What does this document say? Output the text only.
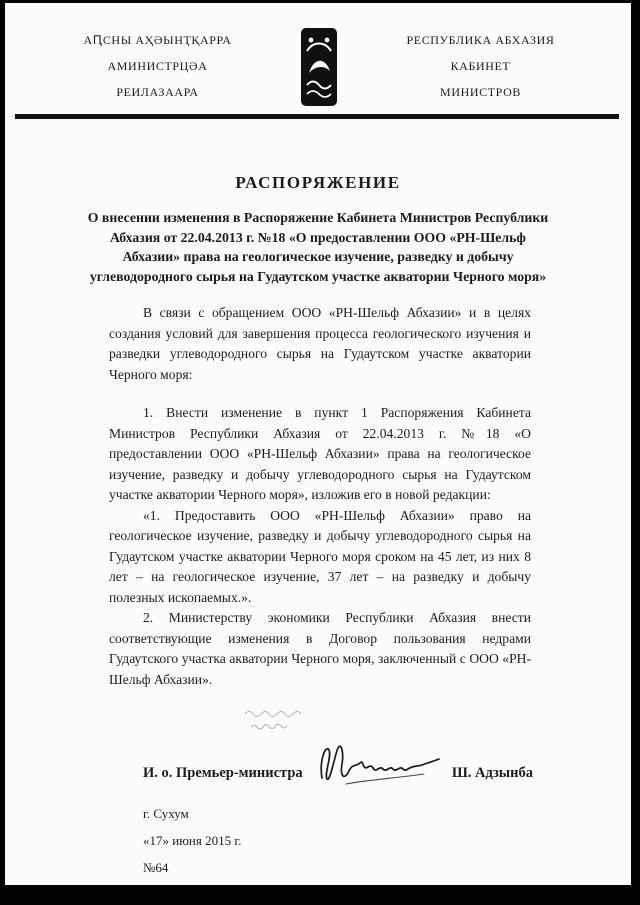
АԤСНЫ АҲӘЫНҬҚАРРА
АМИНИСТРЦӘА
РЕИЛАЗААРА
РЕСПУБЛИКА АБХАЗИЯ
КАБИНЕТ
МИНИСТРОВ
РАСПОРЯЖЕНИЕ
О внесении изменения в Распоряжение Кабинета Министров Республики Абхазия от 22.04.2013 г. №18 «О предоставлении ООО «РН-Шельф Абхазии» права на геологическое изучение, разведку и добычу углеводородного сырья на Гудаутском участке акватории Черного моря»

В связи с обращением ООО «РН-Шельф Абхазии» и в целях создания условий для завершения процесса геологического изучения и разведки углеводородного сырья на Гудаутском участке акватории Черного моря:

1. Внести изменение в пункт 1 Распоряжения Кабинета Министров Республики Абхазия от 22.04.2013 г. №18 «О предоставлении ООО «РН-Шельф Абхазии» права на геологическое изучение, разведку и добычу углеводородного сырья на Гудаутском участке акватории Черного моря», изложив его в новой редакции:

«1. Предоставить ООО «РН-Шельф Абхазии» право на геологическое изучение, разведку и добычу углеводородного сырья на Гудаутском участке акватории Черного моря сроком на 45 лет, из них 8 лет – на геологическое изучение, 37 лет – на разведку и добычу полезных ископаемых.».

2. Министерству экономики Республики Абхазия внести соответствующие изменения в Договор пользования недрами Гудаутского участка акватории Черного моря, заключенный с ООО «РН-Шельф Абхазии».

И. о. Премьер-министра	Ш. Адзынба
г. Сухум
«17» июня 2015 г.
№64
